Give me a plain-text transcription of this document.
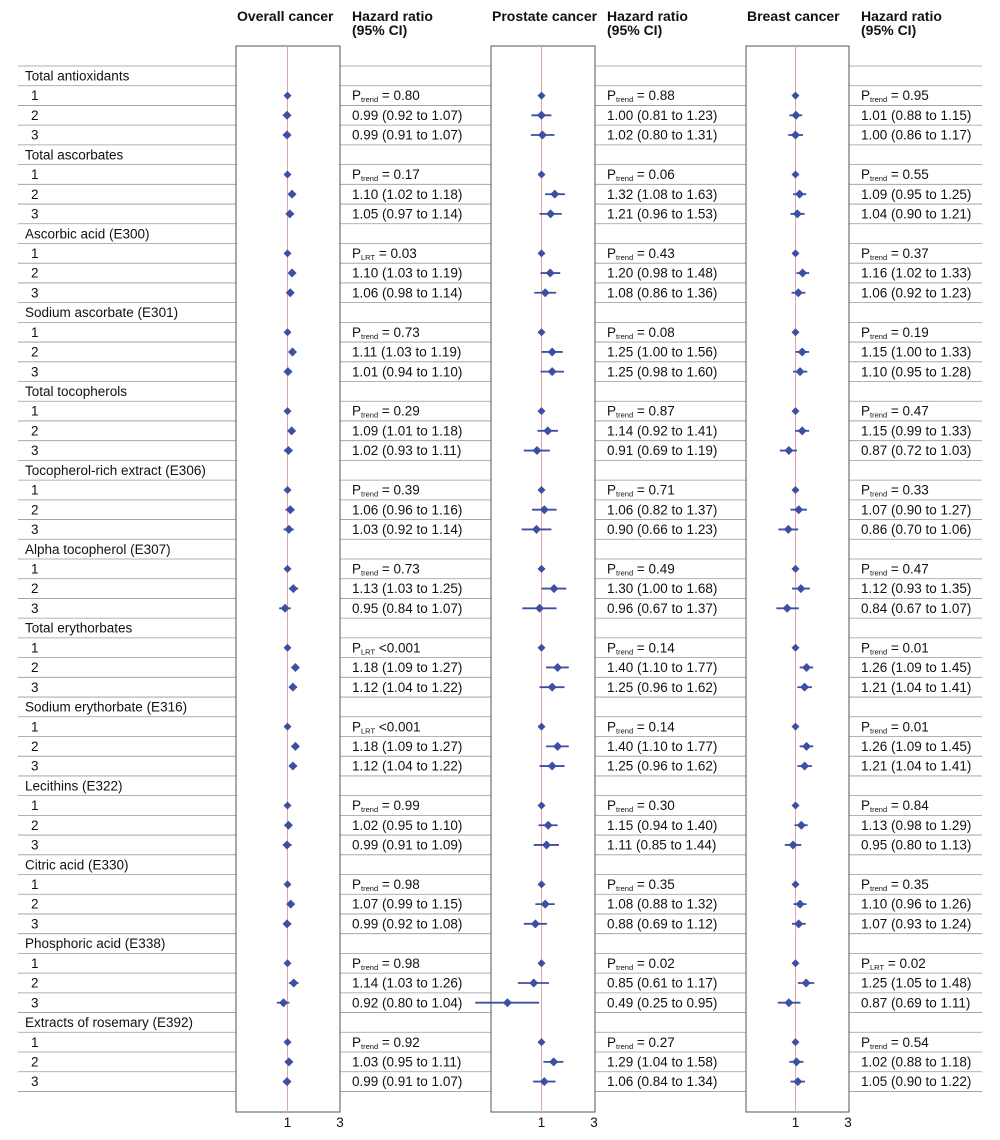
Overall cancer Hazard ratio
(95% CI)
1	3
Prostate cancer Hazard ratio
(95% CI)
1	3
Breast cancer Hazard ratio
(95% CI)
1	3
Total antioxidants
1	Ptrend = 0.80	Ptrend = 0.88	Ptrend = 0.95
2	0.99 (0.92 to 1.07)	1.00 (0.81 to 1.23)	1.01 (0.88 to 1.15)
3	0.99 (0.91 to 1.07)	1.02 (0.80 to 1.31)	1.00 (0.86 to 1.17)
Total ascorbates
1	Ptrend = 0.17	Ptrend = 0.06	Ptrend = 0.55
2	1.10 (1.02 to 1.18)	1.32 (1.08 to 1.63)	1.09 (0.95 to 1.25)
3	1.05 (0.97 to 1.14)	1.21 (0.96 to 1.53)	1.04 (0.90 to 1.21)
Ascorbic acid (E300)
1	PLRT = 0.03	Ptrend = 0.43	Ptrend = 0.37
2	1.10 (1.03 to 1.19)	1.20 (0.98 to 1.48)	1.16 (1.02 to 1.33)
3	1.06 (0.98 to 1.14)	1.08 (0.86 to 1.36)	1.06 (0.92 to 1.23)
Sodium ascorbate (E301)
1	Ptrend = 0.73	Ptrend = 0.08	Ptrend = 0.19
2	1.11 (1.03 to 1.19)	1.25 (1.00 to 1.56)	1.15 (1.00 to 1.33)
3	1.01 (0.94 to 1.10)	1.25 (0.98 to 1.60)	1.10 (0.95 to 1.28)
Total tocopherols
1	Ptrend = 0.29	Ptrend = 0.87	Ptrend = 0.47
2	1.09 (1.01 to 1.18)	1.14 (0.92 to 1.41)	1.15 (0.99 to 1.33)
3	1.02 (0.93 to 1.11)	0.91 (0.69 to 1.19)	0.87 (0.72 to 1.03)
Tocopherol-rich extract (E306)
1	Ptrend = 0.39	Ptrend = 0.71	Ptrend = 0.33
2	1.06 (0.96 to 1.16)	1.06 (0.82 to 1.37)	1.07 (0.90 to 1.27)
3	1.03 (0.92 to 1.14)	0.90 (0.66 to 1.23)	0.86 (0.70 to 1.06)
Alpha tocopherol (E307)
1	Ptrend = 0.73	Ptrend = 0.49	Ptrend = 0.47
2	1.13 (1.03 to 1.25)	1.30 (1.00 to 1.68)	1.12 (0.93 to 1.35)
3	0.95 (0.84 to 1.07)	0.96 (0.67 to 1.37)	0.84 (0.67 to 1.07)
Total erythorbates
1	PLRT <0.001	Ptrend = 0.14	Ptrend = 0.01
2	1.18 (1.09 to 1.27)	1.40 (1.10 to 1.77)	1.26 (1.09 to 1.45)
3	1.12 (1.04 to 1.22)	1.25 (0.96 to 1.62)	1.21 (1.04 to 1.41)
Sodium erythorbate (E316)
1	PLRT <0.001	Ptrend = 0.14	Ptrend = 0.01
2	1.18 (1.09 to 1.27)	1.40 (1.10 to 1.77)	1.26 (1.09 to 1.45)
3	1.12 (1.04 to 1.22)	1.25 (0.96 to 1.62)	1.21 (1.04 to 1.41)
Lecithins (E322)
1	Ptrend = 0.99	Ptrend = 0.30	Ptrend = 0.84
2	1.02 (0.95 to 1.10)	1.15 (0.94 to 1.40)	1.13 (0.98 to 1.29)
3	0.99 (0.91 to 1.09)	1.11 (0.85 to 1.44)	0.95 (0.80 to 1.13)
Citric acid (E330)
1	Ptrend = 0.98	Ptrend = 0.35	Ptrend = 0.35
2	1.07 (0.99 to 1.15)	1.08 (0.88 to 1.32)	1.10 (0.96 to 1.26)
3	0.99 (0.92 to 1.08)	0.88 (0.69 to 1.12)	1.07 (0.93 to 1.24)
Phosphoric acid (E338)
1	Ptrend = 0.98	Ptrend = 0.02	PLRT = 0.02
2	1.14 (1.03 to 1.26)	0.85 (0.61 to 1.17)	1.25 (1.05 to 1.48)
3	0.92 (0.80 to 1.04)	0.49 (0.25 to 0.95)	0.87 (0.69 to 1.11)
Extracts of rosemary (E392)
1	Ptrend = 0.92	Ptrend = 0.27	Ptrend = 0.54
2	1.03 (0.95 to 1.11)	1.29 (1.04 to 1.58)	1.02 (0.88 to 1.18)
3	0.99 (0.91 to 1.07)	1.06 (0.84 to 1.34)	1.05 (0.90 to 1.22)
